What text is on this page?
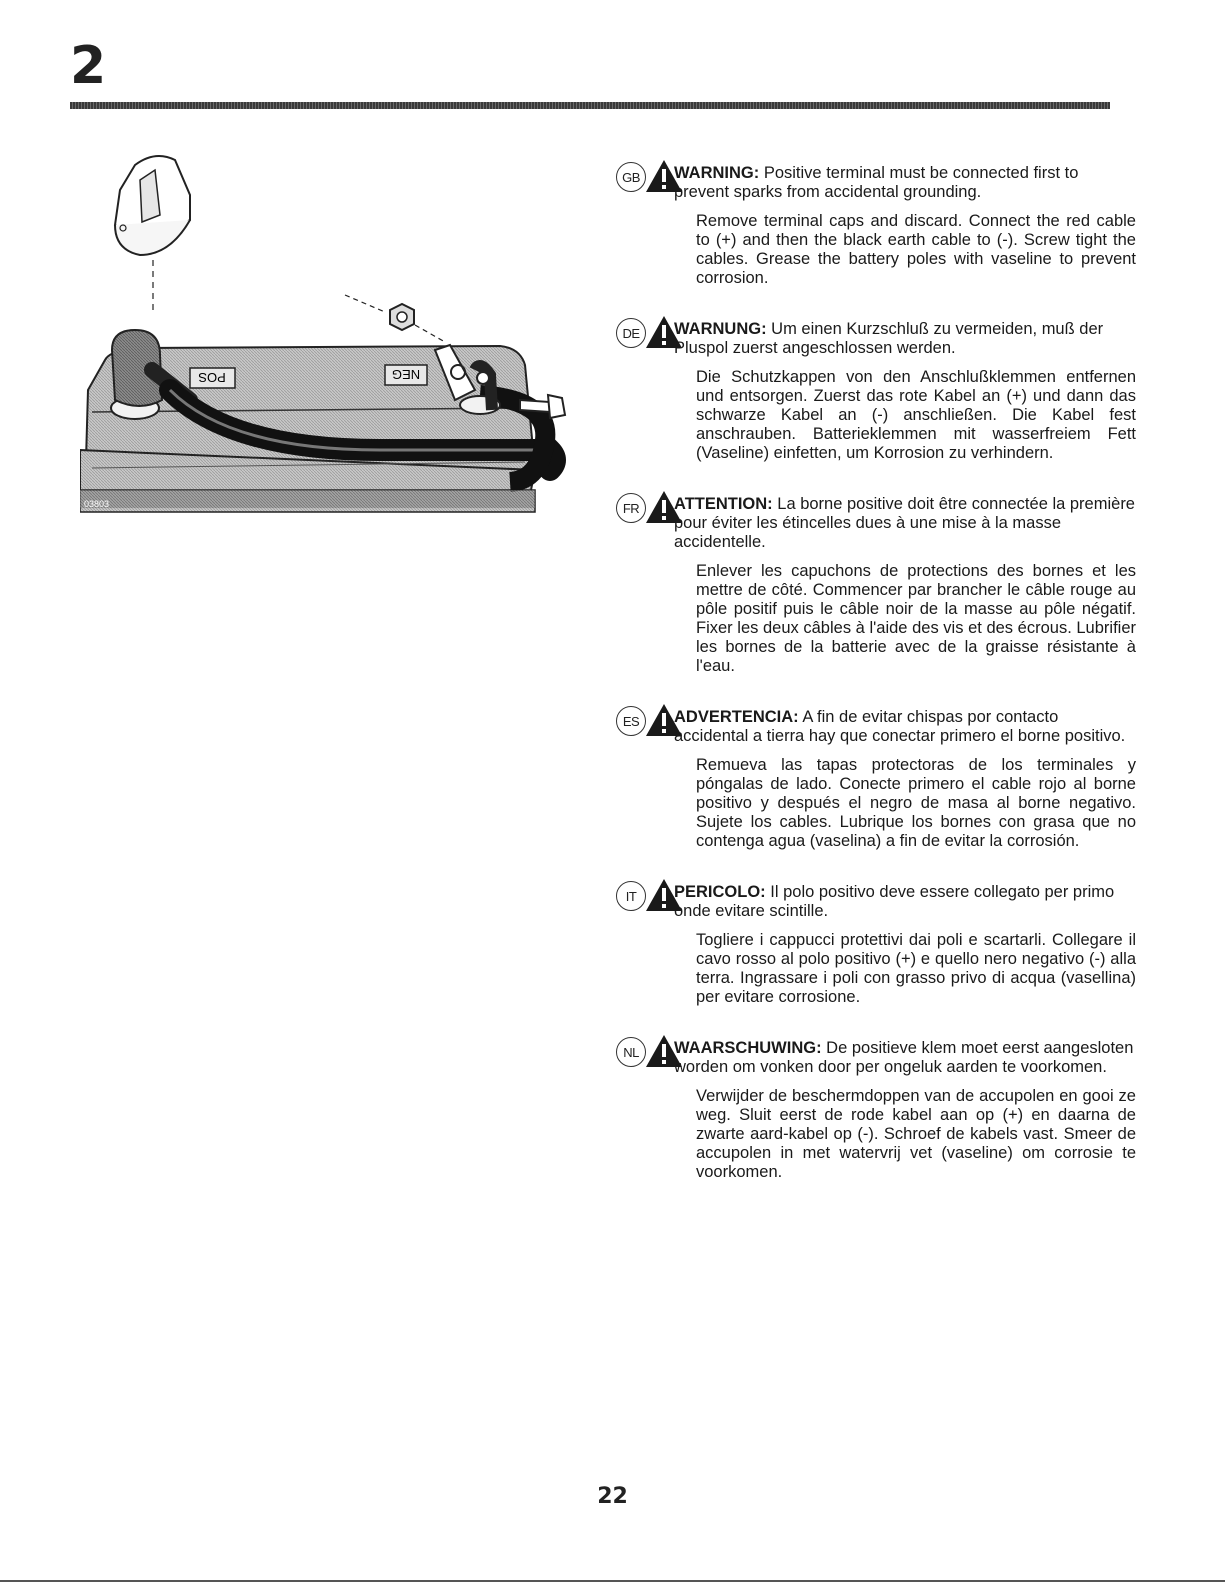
2
POS	NEG
03803
GB	WARNING: Positive terminal must be connected first to prevent sparks from accidental grounding.
Remove terminal caps and discard. Connect the red cable to (+) and then the black earth cable to (-). Screw tight the cables. Grease the battery poles with vaseline to prevent corrosion.
DE	WARNUNG: Um einen Kurzschluß zu vermeiden, muß der Pluspol zuerst angeschlossen werden.
Die Schutzkappen von den Anschlußklemmen entfernen und entsorgen. Zuerst das rote Kabel an (+) und dann das schwarze Kabel an (-) anschließen. Die Kabel fest anschrauben. Batterieklemmen mit wasserfreiem Fett (Vaseline) einfetten, um Korrosion zu verhindern.
FR	ATTENTION: La borne positive doit être connectée la première pour éviter les étincelles dues à une mise à la masse accidentelle.
Enlever les capuchons de protections des bornes et les mettre de côté. Commencer par brancher le câble rouge au pôle positif puis le câble noir de la masse au pôle négatif. Fixer les deux câbles à l'aide des vis et des écrous. Lubrifier les bornes de la batterie avec de la graisse résistante à l'eau.
ES	ADVERTENCIA: A fin de evitar chispas por contacto accidental a tierra hay que conectar primero el borne positivo.
Remueva las tapas protectoras de los terminales y póngalas de lado. Conecte primero el cable rojo al borne positivo y después el negro de masa al borne negativo. Sujete los cables. Lubrique los bornes con grasa que no contenga agua (vaselina) a fin de evitar la corrosión.
IT	PERICOLO: Il polo positivo deve essere collegato per primo onde evitare scintille.
Togliere i cappucci protettivi dai poli e scartarli. Collegare il cavo rosso al polo positivo (+) e quello nero negativo (-) alla terra. Ingrassare i poli con grasso privo di acqua (vasellina) per evitare corrosione.
NL	WAARSCHUWING: De positieve klem moet eerst aangesloten worden om vonken door per ongeluk aarden te voorkomen.
Verwijder de beschermdoppen van de accupolen en gooi ze weg. Sluit eerst de rode kabel aan op (+) en daarna de zwarte aard-kabel op (-). Schroef de kabels vast. Smeer de accupolen in met watervrij vet (vaseline) om corrosie te voorkomen.
22
